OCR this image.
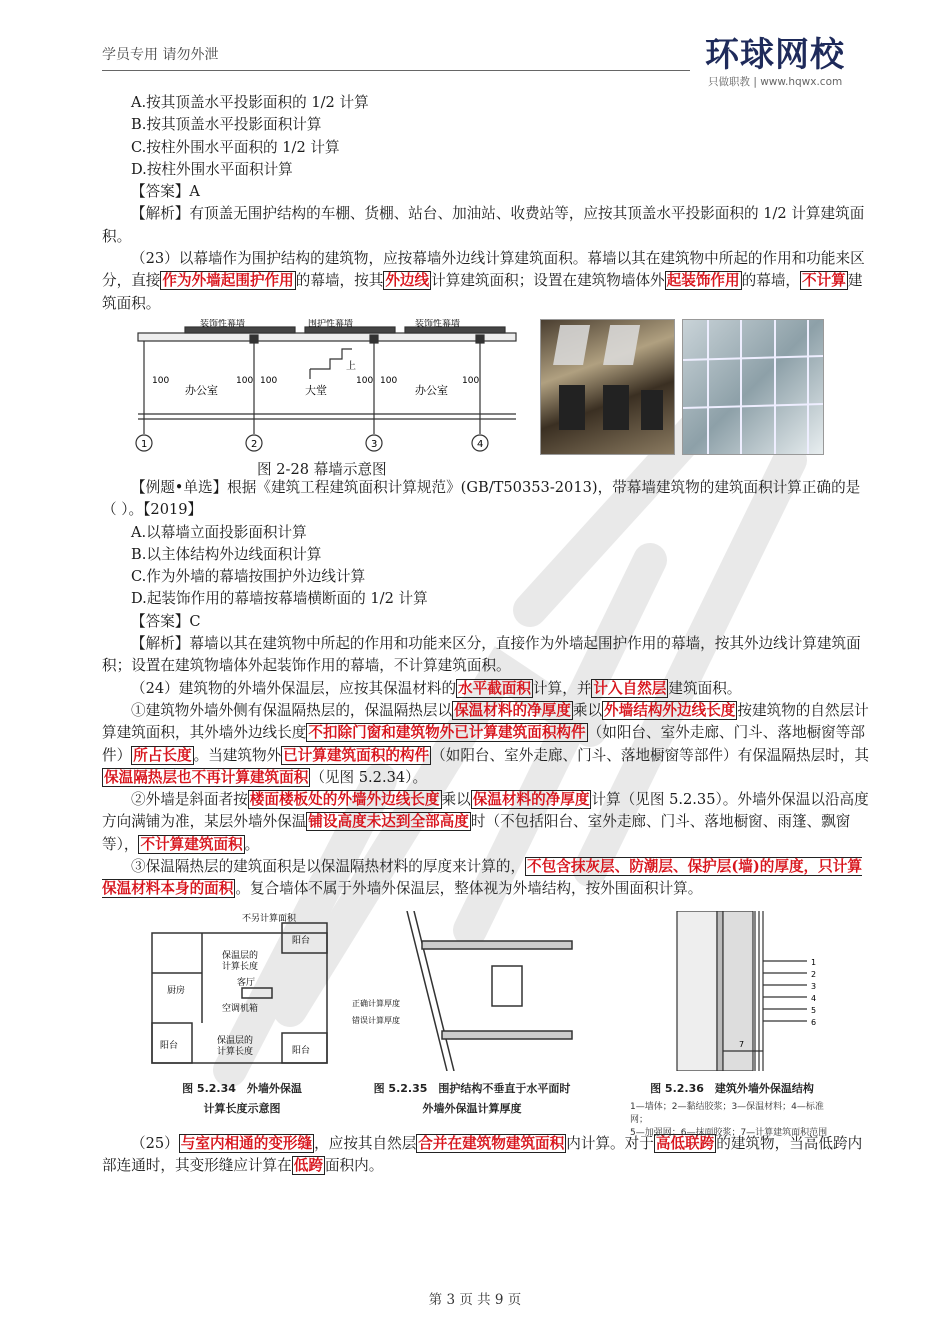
学员专用 请勿外泄	环球网校
只做职教 | www.hqwx.com

A.按其顶盖水平投影面积的 1/2 计算

B.按其顶盖水平投影面积计算

C.按柱外围水平面积的 1/2 计算

D.按柱外围水平面积计算

【答案】A

【解析】有顶盖无围护结构的车棚、货棚、站台、加油站、收费站等，应按其顶盖水平投影面积的 1/2 计算建筑面积。

（23）以幕墙作为围护结构的建筑物，应按幕墙外边线计算建筑面积。幕墙以其在建筑物中所起的作用和功能来区分，直接 作为外墙起围护作用 的幕墙，按其 外边线 计算建筑面积；设置在建筑物墙体外 起装饰作用 的幕墙， 不计算 建筑面积。

装饰性幕墙	围护性幕墙	装饰性幕墙
办公室	大堂	办公室
上
100	100 100	100 100	100
1	2	3	4
图 2-28 幕墙示意图

【例题•单选】根据《建筑工程建筑面积计算规范》(GB/T50353-2013)，带幕墙建筑物的建筑面积计算正确的是（ ）。【2019】

A.以幕墙立面投影面积计算

B.以主体结构外边线面积计算

C.作为外墙的幕墙按围护外边线计算

D.起装饰作用的幕墙按幕墙横断面的 1/2 计算

【答案】C

【解析】幕墙以其在建筑物中所起的作用和功能来区分，直接作为外墙起围护作用的幕墙，按其外边线计算建筑面积；设置在建筑物墙体外起装饰作用的幕墙，不计算建筑面积。

（24）建筑物的外墙外保温层，应按其保温材料的 水平截面积 计算，并 计入自然层 建筑面积。

①建筑物外墙外侧有保温隔热层的，保温隔热层以 保温材料的净厚度 乘以 外墙结构外边线长度 按建筑物的自然层计算建筑面积，其外墙外边线长度 不扣除门窗和建筑物外已计算建筑面积构件 （如阳台、室外走廊、门斗、落地橱窗等部件） 所占长度 。当建筑物外 已计算建筑面积的构件 （如阳台、室外走廊、门斗、落地橱窗等部件）有保温隔热层时，其保温隔热层也不再计算建筑面积 （见图 5.2.34）。

②外墙是斜面者按 楼面楼板处的外墙外边线长度 乘以 保温材料的净厚度 计算（见图 5.2.35）。外墙外保温以沿高度方向满铺为准，某层外墙外保温 铺设高度未达到全部高度 时（不包括阳台、室外走廊、门斗、落地橱窗、雨篷、飘窗等）， 不计算建筑面积 。

③保温隔热层的建筑面积是以保温隔热材料的厚度来计算的， 不包含抹灰层、防潮层、保护层(墙)的厚度，只计算保温材料本身的面积 。复合墙体不属于外墙外保温层，整体视为外墙结构，按外围面积计算。

不另计算面积
阳台
保温层的
计算长度
厨房
客厅
空调机箱
阳台	保温层的
计算长度	阳台
图 5.2.34　外墙外保温
计算长度示意图
正确计算厚度
错误计算厚度
图 5.2.35　围护结构不垂直于水平面时
外墙外保温计算厚度
1
2
3
4
5
6
7
图 5.2.36　建筑外墙外保温结构
1—墙体；2—黏结胶浆；3—保温材料；4—标准网；
5—加强网；6—抹面胶浆；7—计算建筑面积范围

（25） 与室内相通的变形缝 ，应按其自然层 合并在建筑物建筑面积 内计算。对于 高低联跨 的建筑物，当高低跨内部连通时，其变形缝应计算在 低跨 面积内。

第 3 页 共 9 页
